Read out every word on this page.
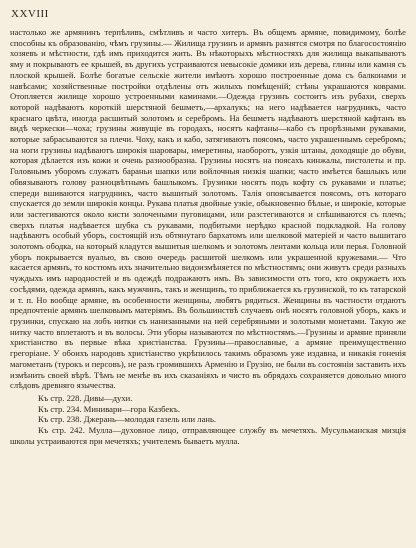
XXVIII

настолько же армянинъ терпѣливъ, смѣтливъ и часто хитеръ. Въ общемъ армяне, повидимому, болѣе способны къ образованію, чѣмъ грузины.— Жилища грузинъ и армянъ разнятся смотря по благосостоянію хозяевъ и мѣстности, гдѣ имъ приходится жить. Въ нѣкоторыхъ мѣстностяхъ для жилища выкапываютъ яму и покрываютъ ее крышей, въ другихъ устраиваются невысокіе домики изъ дерева, глины или камня съ плоской крышей. Болѣе богатые сельскіе жители имѣютъ хорошо построенные дома съ балконами и навѣсами; хозяйственные постройки отдѣлены отъ жилыхъ помѣщеній; стѣны украшаются коврами. Отопляется жилище хорошо устроенными каминами.—Одежда грузинъ состоитъ изъ рубахи, сверхъ которой надѣваютъ короткій шерстяной бешметъ,—архалукъ; на него надѣвается нагрудникъ, часто краснаго цвѣта, иногда расшитый золотомъ и серебромъ. На бешметъ надѣваютъ шерстяной кафтанъ въ видѣ черкески—чоха; грузины живущіе въ городахъ, носятъ кафтаны—кабо съ прорѣзными рукавами, которые забрасываются за плечи. Чоху, какъ и кабо, затягиваютъ поясомъ, часто украшеннымъ серебромъ; на ноги грузины надѣваютъ широкія шаровары, имеретины, наоборотъ, узкія штаны, доходящіе до обуви, которая дѣлается изъ кожи и очень разнообразна. Грузины носятъ на поясахъ кинжалы, пистолеты и пр. Головнымъ уборомъ служатъ бараньи шапки или войлочныя низкія шапки; часто имѣется башлыкъ или обвязываютъ голову разноцвѣтнымъ башлыкомъ. Грузинки носятъ подъ кофту съ рукавами и платье; спереди вшиваются нагрудникъ, часто вышитый золотомъ. Талія опоясывается поясомъ, отъ котораго спускается до земли широкія концы. Рукава платья двойные узкіе, обыкновенно бѣлые, и широкіе, которые или застегиваются около кисти золочеными пуговицами, или разстегиваются и спѣшиваются съ плечъ; сверхъ платья надѣвается шубка съ рукавами, подбитыми нерѣдко красной подкладкой. На голову надѣваютъ особый уборъ, состоящій изъ обтянутаго бархатомъ или шелковой матеріей и часто вышитаго золотомъ ободка, на который кладутся вышитыя шелкомъ и золотомъ лентами кольца или перья. Головной уборъ покрывается вуалью, въ свою очередь расшитой шелкомъ или украшенной кружевами.— Что касается армянъ, то костюмъ ихъ значительно видоизмѣняется по мѣстностямъ; они живутъ среди разныхъ чуждыхъ имъ народностей и въ одеждѣ подражаютъ имъ. Въ зависимости отъ того, кто окружаетъ ихъ сосѣдями, одежда армянъ, какъ мужчинъ, такъ и женщинъ, то приближается къ грузинской, то къ татарской и т. п. Но вообще армяне, въ особенности женщины, любятъ рядиться. Женщины въ частности отдаютъ предпочтеніе армянъ шелковымъ матеріямъ. Въ большинствѣ случаевъ онѣ носятъ головной уборъ, какъ и грузинки, спускаю на лобъ нитки съ нанизанными на ней серебряными и золотыми монетами. Такую же нитку часто вплетаютъ и въ волосы. Эти уборы называются по мѣстностямъ.—Грузины и армяне приняли христіанство въ первые вѣка христіанства. Грузины—православные, а армяне преимущественно грегоріане. У обоихъ народовъ христіанство укрѣпилось такимъ образомъ уже издавна, и никакія гоненія магометанъ (турокъ и персовъ), не разъ громившихъ Арменію и Грузію, не были въ состояніи заставить ихъ измѣнить своей вѣрѣ. Тѣмъ не менѣе въ ихъ сказаніяхъ и чисто въ обрядахъ сохраняется довольно много слѣдовъ древняго язычества.

Къ стр. 228. Дивы—духи.

Къ стр. 234. Минивари—гора Казбекъ.

Къ стр. 238. Джерань—молодая газель или лань.

Къ стр. 242. Мулла—духовное лицо, отправляющее службу въ мечетяхъ. Мусульманская мизція школы устраиваются при мечетяхъ; учителемъ бываетъ мулла.
